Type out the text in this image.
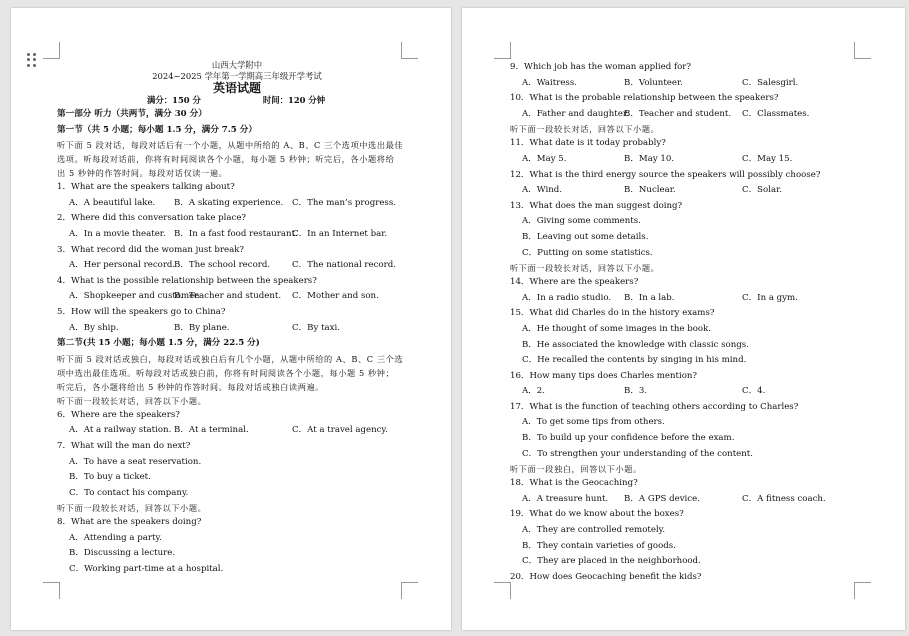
山西大学附中
2024~2025 学年第一学期高三年级开学考试
英语试题
满分：150 分	时间：120 分钟
第一部分 听力（共两节，满分 30 分）
第一节（共 5 小题；每小题 1.5 分，满分 7.5 分）
听下面 5 段对话，每段对话后有一个小题，从题中所给的 A、B、C 三个选项中选出最佳
选项。听每段对话前，你将有时间阅读各个小题，每小题 5 秒钟；听完后，各小题将给
出 5 秒钟的作答时间。每段对话仅读一遍。
1．What are the speakers talking about?
A．A beautiful lake.	B．A skating experience.	C．The man’s progress.
2．Where did this conversation take place?
A．In a movie theater. B．In a fast food restaurant.
C．In an Internet bar.
3．What record did the woman just break?
A．Her personal record.
B．The school record.	C．The national record.
4．What is the possible relationship between the speakers?
A．Shopkeeper and customer.
B．Teacher and student.	C．Mother and son.
5．How will the speakers go to China?
A．By ship.	B．By plane.	C．By taxi.
第二节(共 15 小题；每小题 1.5 分，满分 22.5 分)
听下面 5 段对话或独白，每段对话或独白后有几个小题，从题中所给的 A、B、C 三个选
项中选出最佳选项。听每段对话或独白前，你将有时间阅读各个小题，每小题 5 秒钟；
听完后，各小题将给出 5 秒钟的作答时间。每段对话或独白读两遍。
听下面一段较长对话，回答以下小题。
6．Where are the speakers?
A．At a railway station. B．At a terminal.	C．At a travel agency.
7．What will the man do next?
A．To have a seat reservation.
B．To buy a ticket.
C．To contact his company.
听下面一段较长对话，回答以下小题。
8．What are the speakers doing?
A．Attending a party.
B．Discussing a lecture.
C．Working part-time at a hospital.
9．Which job has the woman applied for?
A．Waitress.	B．Volunteer.	C．Salesgirl.
10．What is the probable relationship between the speakers?
A．Father and daughter.
B．Teacher and student.	C．Classmates.
听下面一段较长对话，回答以下小题。
11．What date is it today probably?
A．May 5.	B．May 10.	C．May 15.
12．What is the third energy source the speakers will possibly choose?
A．Wind.	B．Nuclear.	C．Solar.
13．What does the man suggest doing?
A．Giving some comments.
B．Leaving out some details.
C．Putting on some statistics.
听下面一段较长对话，回答以下小题。
14．Where are the speakers?
A．In a radio studio.	B．In a lab.	C．In a gym.
15．What did Charles do in the history exams?
A．He thought of some images in the book.
B．He associated the knowledge with classic songs.
C．He recalled the contents by singing in his mind.
16．How many tips does Charles mention?
A．2.	B．3.	C．4.
17．What is the function of teaching others according to Charles?
A．To get some tips from others.
B．To build up your confidence before the exam.
C．To strengthen your understanding of the content.
听下面一段独白，回答以下小题。
18．What is the Geocaching?
A．A treasure hunt.	B．A GPS device.	C．A fitness coach.
19．What do we know about the boxes?
A．They are controlled remotely.
B．They contain varieties of goods.
C．They are placed in the neighborhood.
20．How does Geocaching benefit the kids?
